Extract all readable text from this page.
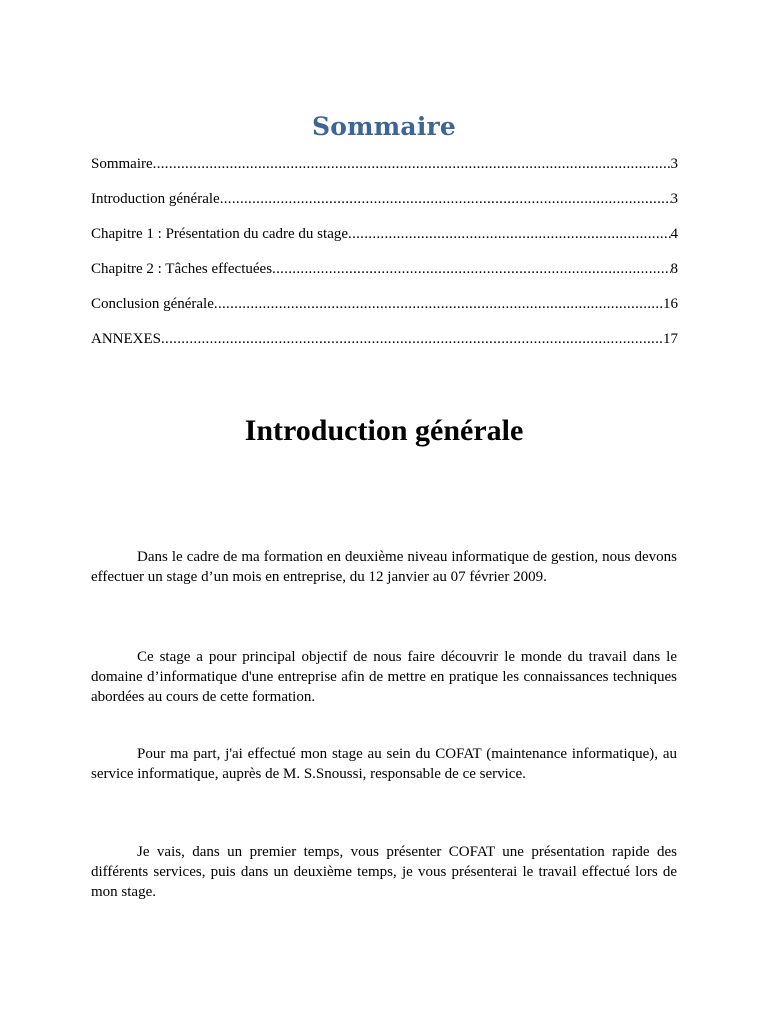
Sommaire
Sommaire .....	3
Introduction générale .....	3
Chapitre 1 : Présentation du cadre du stage .....	4
Chapitre 2 : Tâches effectuées .....	8
Conclusion générale .....	16
ANNEXES .....	17
Introduction générale

Dans le cadre de ma formation en deuxième niveau informatique de gestion, nous devons effectuer un stage d’un mois en entreprise, du 12 janvier au 07 février 2009.

Ce stage a pour principal objectif de nous faire découvrir le monde du travail dans le domaine d’informatique d'une entreprise afin de mettre en pratique les connaissances techniques abordées au cours de cette formation.

Pour ma part, j'ai effectué mon stage au sein du COFAT (maintenance informatique), au service informatique, auprès de M. S.Snoussi, responsable de ce service.

Je vais, dans un premier temps, vous présenter COFAT une présentation rapide des différents services, puis dans un deuxième temps, je vous présenterai le travail effectué lors de mon stage.
